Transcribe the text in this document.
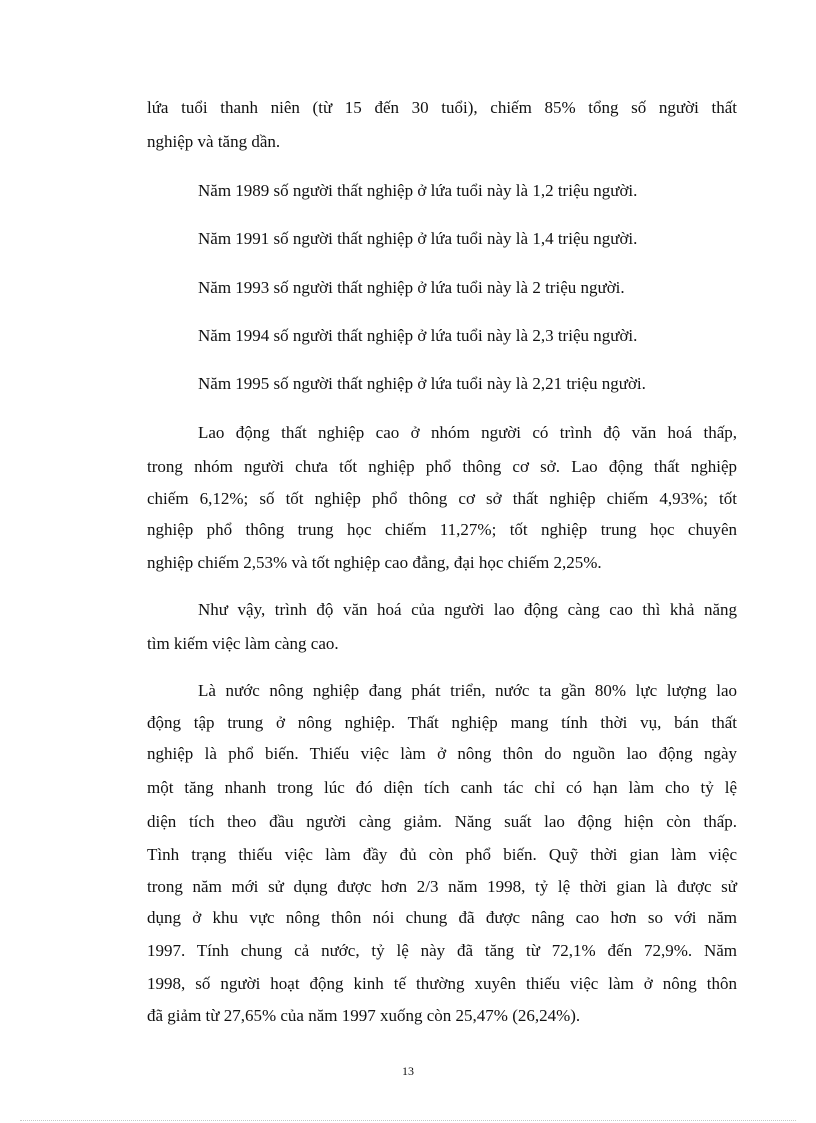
lứa tuổi thanh niên (từ 15 đến 30 tuổi), chiếm 85% tổng số người thất
nghiệp và tăng dần.
Năm 1989 số người thất nghiệp ở lứa tuổi này là 1,2 triệu người.
Năm 1991 số người thất nghiệp ở lứa tuổi này là 1,4 triệu người.
Năm 1993 số người thất nghiệp ở lứa tuổi này là 2 triệu người.
Năm 1994 số người thất nghiệp ở lứa tuổi này là 2,3 triệu người.
Năm 1995 số người thất nghiệp ở lứa tuổi này là 2,21 triệu người.
Lao động thất nghiệp cao ở nhóm người có trình độ văn hoá thấp,
trong nhóm người chưa tốt nghiệp phổ thông cơ sở. Lao động thất nghiệp
chiếm 6,12%; số tốt nghiệp phổ thông cơ sở thất nghiệp chiếm 4,93%; tốt
nghiệp phổ thông trung học chiếm 11,27%; tốt nghiệp trung học chuyên
nghiệp chiếm 2,53% và tốt nghiệp cao đẳng, đại học chiếm 2,25%.
Như vậy, trình độ văn hoá của người lao động càng cao thì khả năng
tìm kiếm việc làm càng cao.
Là nước nông nghiệp đang phát triển, nước ta gần 80% lực lượng lao
động tập trung ở nông nghiệp. Thất nghiệp mang tính thời vụ, bán thất
nghiệp là phổ biến. Thiếu việc làm ở nông thôn do nguồn lao động ngày
một tăng nhanh trong lúc đó diện tích canh tác chỉ có hạn làm cho tỷ lệ
diện tích theo đầu người càng giảm. Năng suất lao động hiện còn thấp.
Tình trạng thiếu việc làm đầy đủ còn phổ biến. Quỹ thời gian làm việc
trong năm mới sử dụng được hơn 2/3 năm 1998, tỷ lệ thời gian là được sử
dụng ở khu vực nông thôn nói chung đã được nâng cao hơn so với năm
1997. Tính chung cả nước, tỷ lệ này đã tăng từ 72,1% đến 72,9%. Năm
1998, số người hoạt động kinh tế thường xuyên thiếu việc làm ở nông thôn
đã giảm từ 27,65% của năm 1997 xuống còn 25,47% (26,24%).
13
